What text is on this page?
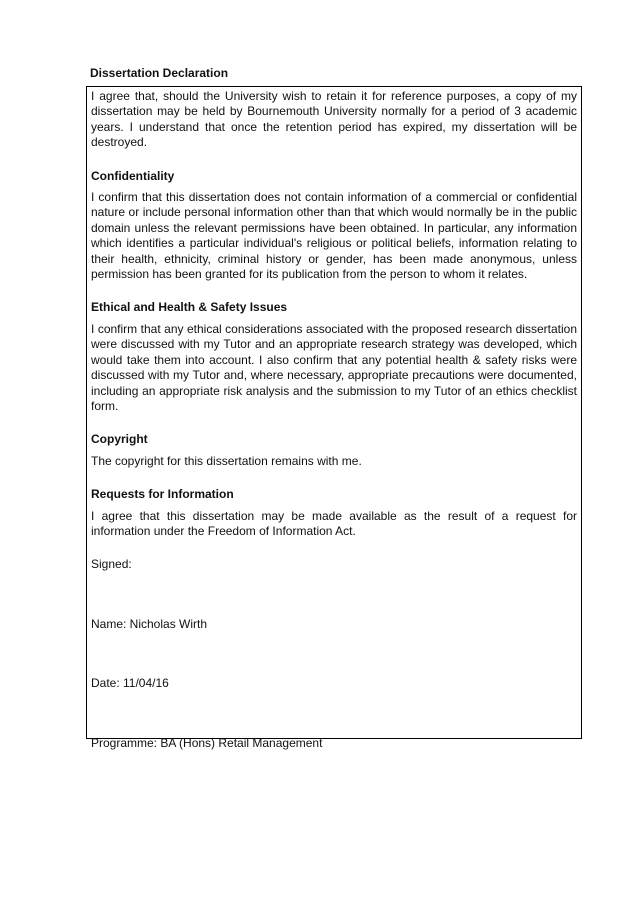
Dissertation Declaration

I agree that, should the University wish to retain it for reference purposes, a copy of my dissertation may be held by Bournemouth University normally for a period of 3 academic years. I understand that once the retention period has expired, my dissertation will be destroyed.

Confidentiality

I confirm that this dissertation does not contain information of a commercial or confidential nature or include personal information other than that which would normally be in the public domain unless the relevant permissions have been obtained. In particular, any information which identifies a particular individual's religious or political beliefs, information relating to their health, ethnicity, criminal history or gender, has been made anonymous, unless permission has been granted for its publication from the person to whom it relates.

Ethical and Health & Safety Issues

I confirm that any ethical considerations associated with the proposed research dissertation were discussed with my Tutor and an appropriate research strategy was developed, which would take them into account. I also confirm that any potential health & safety risks were discussed with my Tutor and, where necessary, appropriate precautions were documented, including an appropriate risk analysis and the submission to my Tutor of an ethics checklist form.

Copyright

The copyright for this dissertation remains with me.

Requests for Information

I agree that this dissertation may be made available as the result of a request for information under the Freedom of Information Act.

Signed:

Name: Nicholas Wirth

Date: 11/04/16

Programme: BA (Hons) Retail Management
